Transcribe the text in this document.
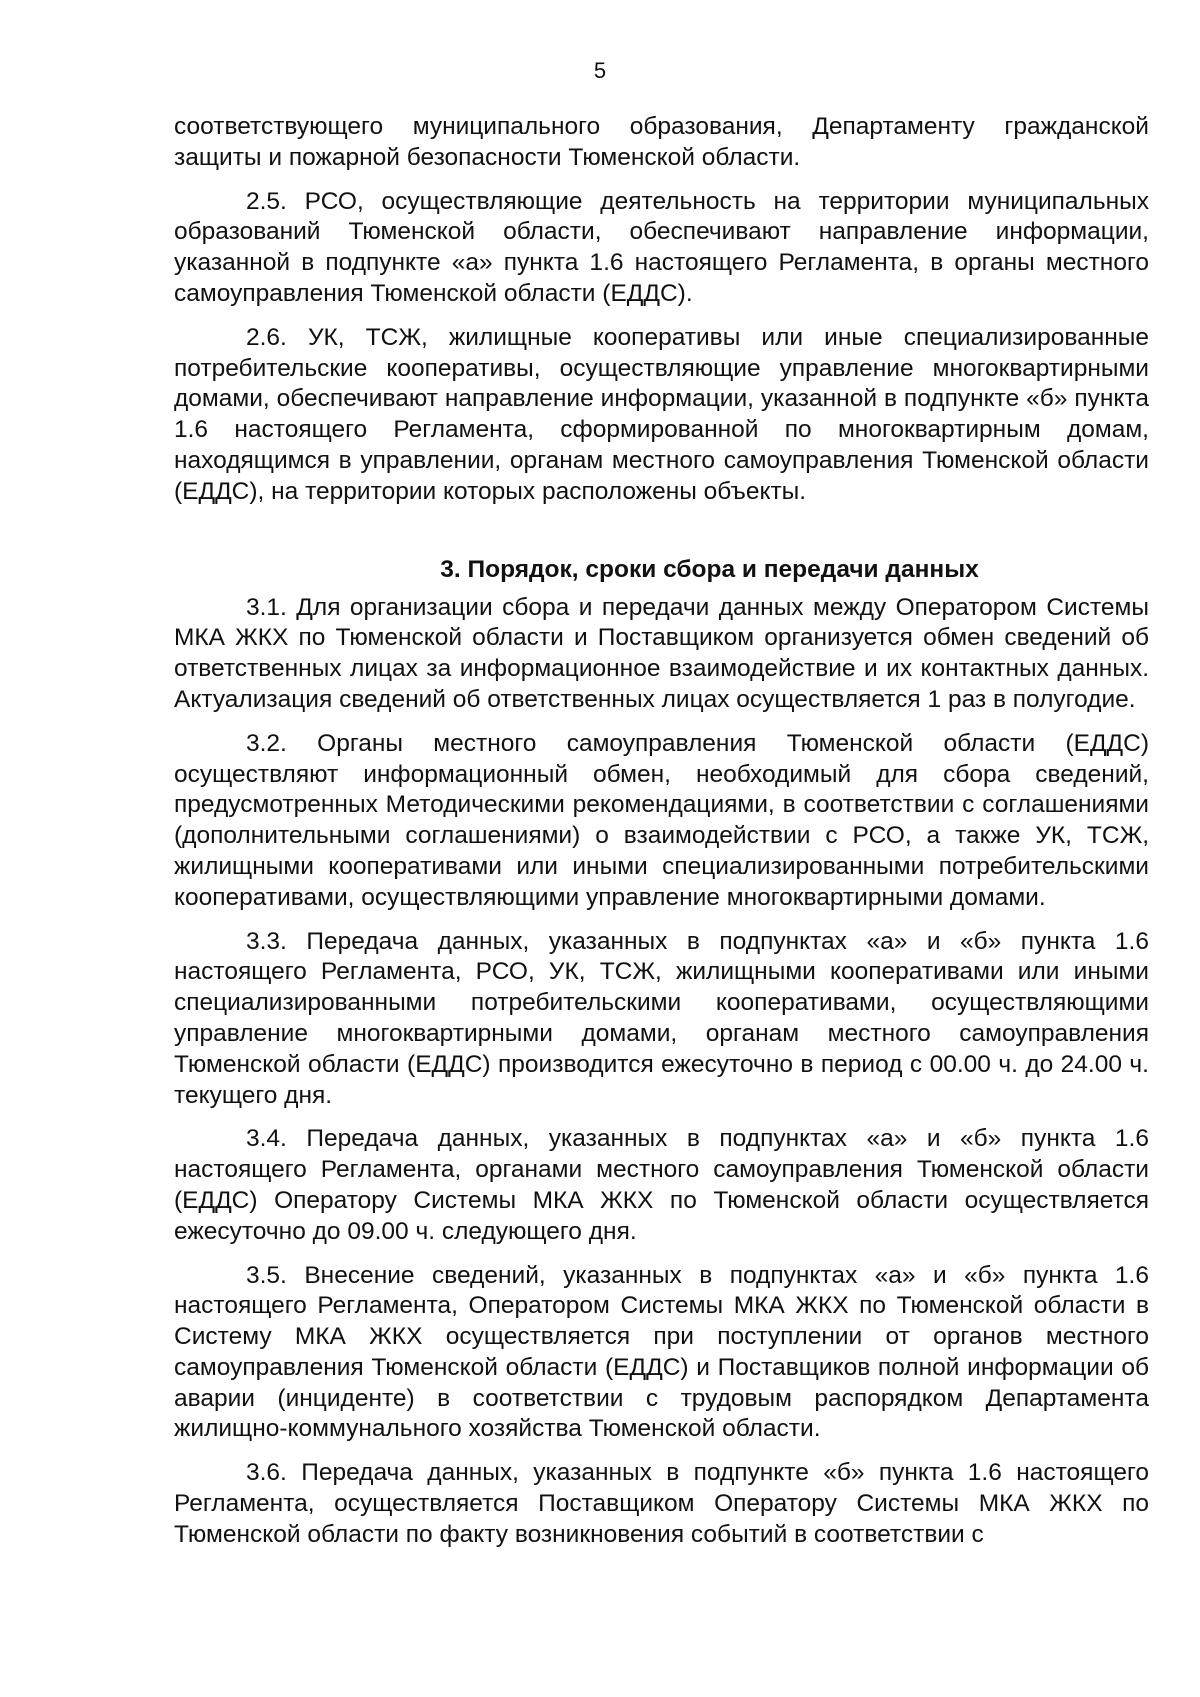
5

соответствующего муниципального образования, Департаменту гражданской защиты и пожарной безопасности Тюменской области.

2.5. РСО, осуществляющие деятельность на территории муниципальных образований Тюменской области, обеспечивают направление информации, указанной в подпункте «а» пункта 1.6 настоящего Регламента, в органы местного самоуправления Тюменской области (ЕДДС).

2.6. УК, ТСЖ, жилищные кооперативы или иные специализированные потребительские кооперативы, осуществляющие управление многоквартирными домами, обеспечивают направление информации, указанной в подпункте «б» пункта 1.6 настоящего Регламента, сформированной по многоквартирным домам, находящимся в управлении, органам местного самоуправления Тюменской области (ЕДДС), на территории которых расположены объекты.

3. Порядок, сроки сбора и передачи данных

3.1. Для организации сбора и передачи данных между Оператором Системы МКА ЖКХ по Тюменской области и Поставщиком организуется обмен сведений об ответственных лицах за информационное взаимодействие и их контактных данных. Актуализация сведений об ответственных лицах осуществляется 1 раз в полугодие.

3.2. Органы местного самоуправления Тюменской области (ЕДДС) осуществляют информационный обмен, необходимый для сбора сведений, предусмотренных Методическими рекомендациями, в соответствии с соглашениями (дополнительными соглашениями) о взаимодействии с РСО, а также УК, ТСЖ, жилищными кооперативами или иными специализированными потребительскими кооперативами, осуществляющими управление многоквартирными домами.

3.3. Передача данных, указанных в подпунктах «а» и «б» пункта 1.6 настоящего Регламента, РСО, УК, ТСЖ, жилищными кооперативами или иными специализированными потребительскими кооперативами, осуществляющими управление многоквартирными домами, органам местного самоуправления Тюменской области (ЕДДС) производится ежесуточно в период с 00.00 ч. до 24.00 ч. текущего дня.

3.4. Передача данных, указанных в подпунктах «а» и «б» пункта 1.6 настоящего Регламента, органами местного самоуправления Тюменской области (ЕДДС) Оператору Системы МКА ЖКХ по Тюменской области осуществляется ежесуточно до 09.00 ч. следующего дня.

3.5. Внесение сведений, указанных в подпунктах «а» и «б» пункта 1.6 настоящего Регламента, Оператором Системы МКА ЖКХ по Тюменской области в Систему МКА ЖКХ осуществляется при поступлении от органов местного самоуправления Тюменской области (ЕДДС) и Поставщиков полной информации об аварии (инциденте) в соответствии с трудовым распорядком Департамента жилищно-коммунального хозяйства Тюменской области.

3.6. Передача данных, указанных в подпункте «б» пункта 1.6 настоящего Регламента, осуществляется Поставщиком Оператору Системы МКА ЖКХ по Тюменской области по факту возникновения событий в соответствии с
